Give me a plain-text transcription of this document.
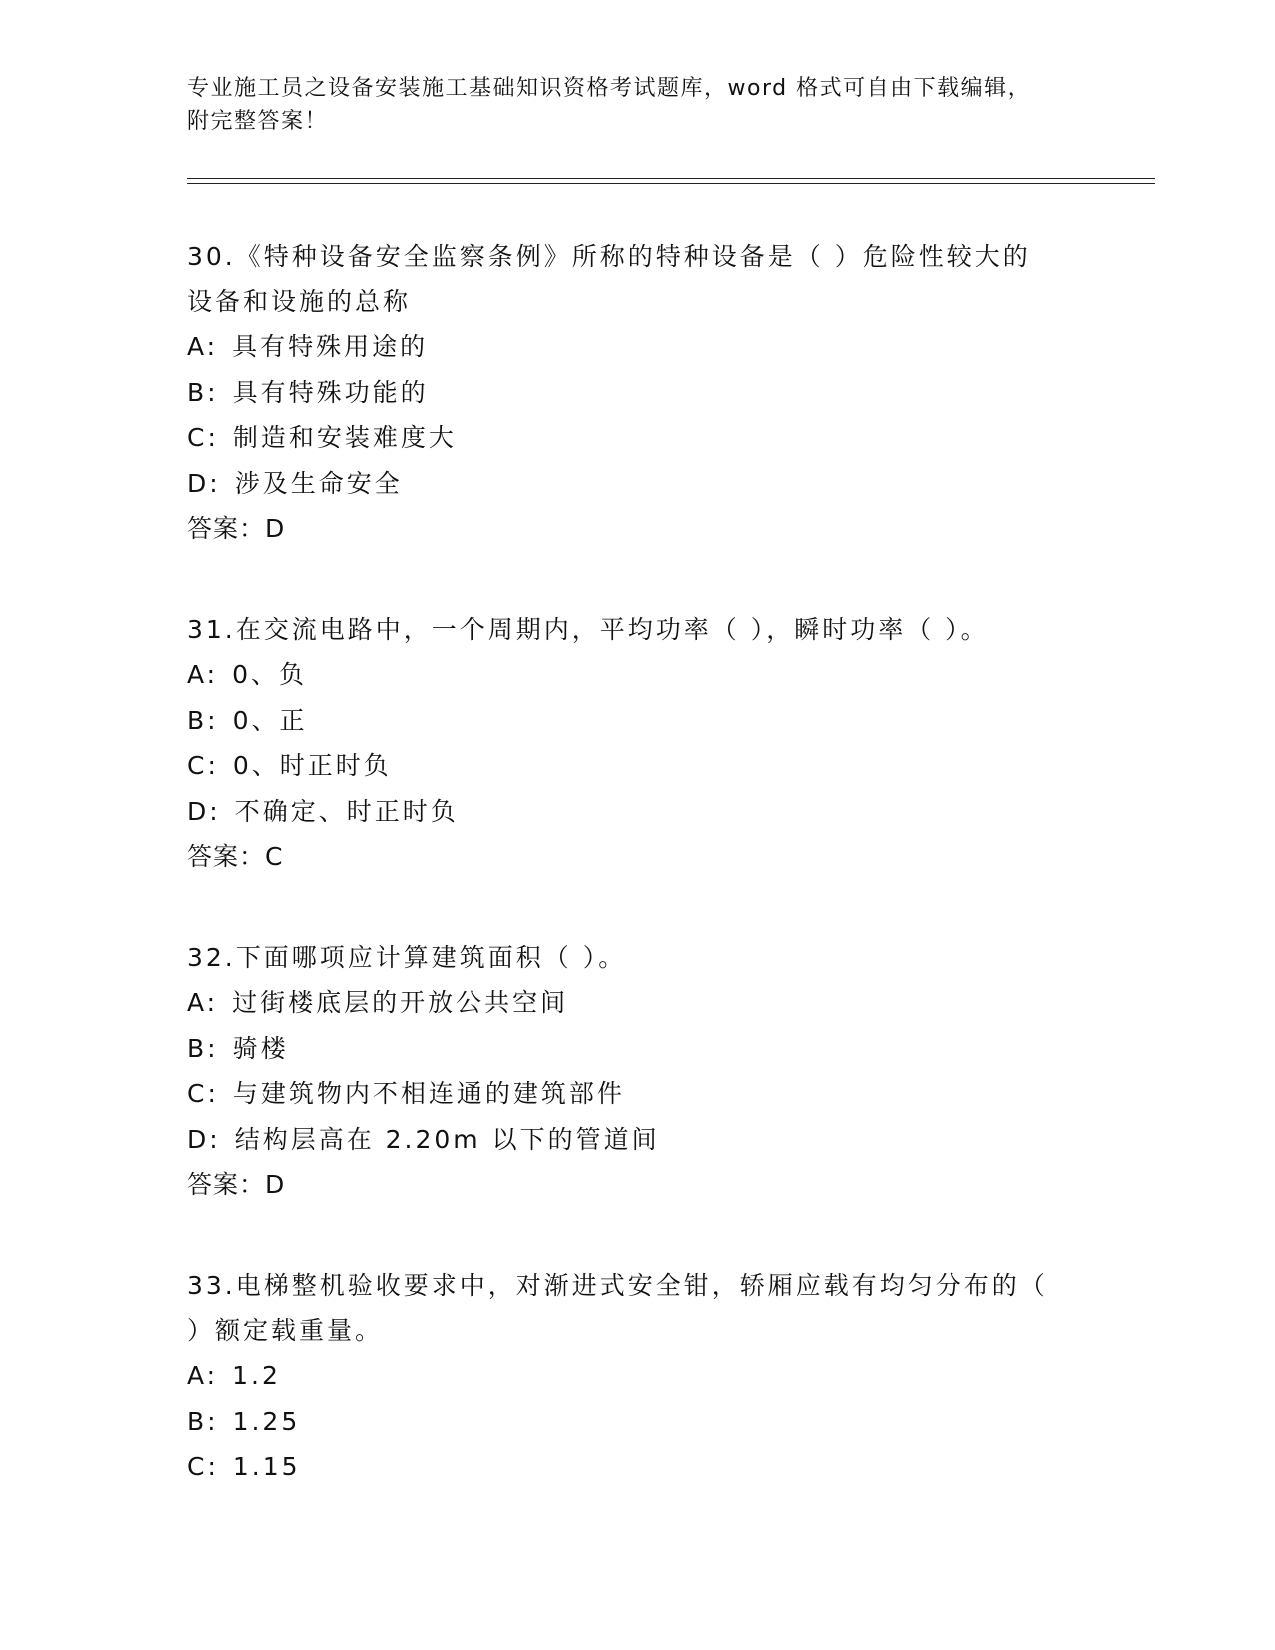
专业施工员之设备安装施工基础知识资格考试题库，word 格式可自由下载编辑，
附完整答案！

30.《特种设备安全监察条例》所称的特种设备是（ ）危险性较大的

设备和设施的总称

A: 具有特殊用途的

B: 具有特殊功能的

C: 制造和安装难度大

D: 涉及生命安全

答案：D

31.在交流电路中，一个周期内，平均功率（ ），瞬时功率（ ）。

A: 0、负

B: 0、正

C: 0、时正时负

D: 不确定、时正时负

答案：C

32.下面哪项应计算建筑面积（ ）。

A: 过街楼底层的开放公共空间

B: 骑楼

C: 与建筑物内不相连通的建筑部件

D: 结构层高在 2.20m 以下的管道间

答案：D

33.电梯整机验收要求中，对渐进式安全钳，轿厢应载有均匀分布的（

）额定载重量。

A: 1.2

B: 1.25

C: 1.15
